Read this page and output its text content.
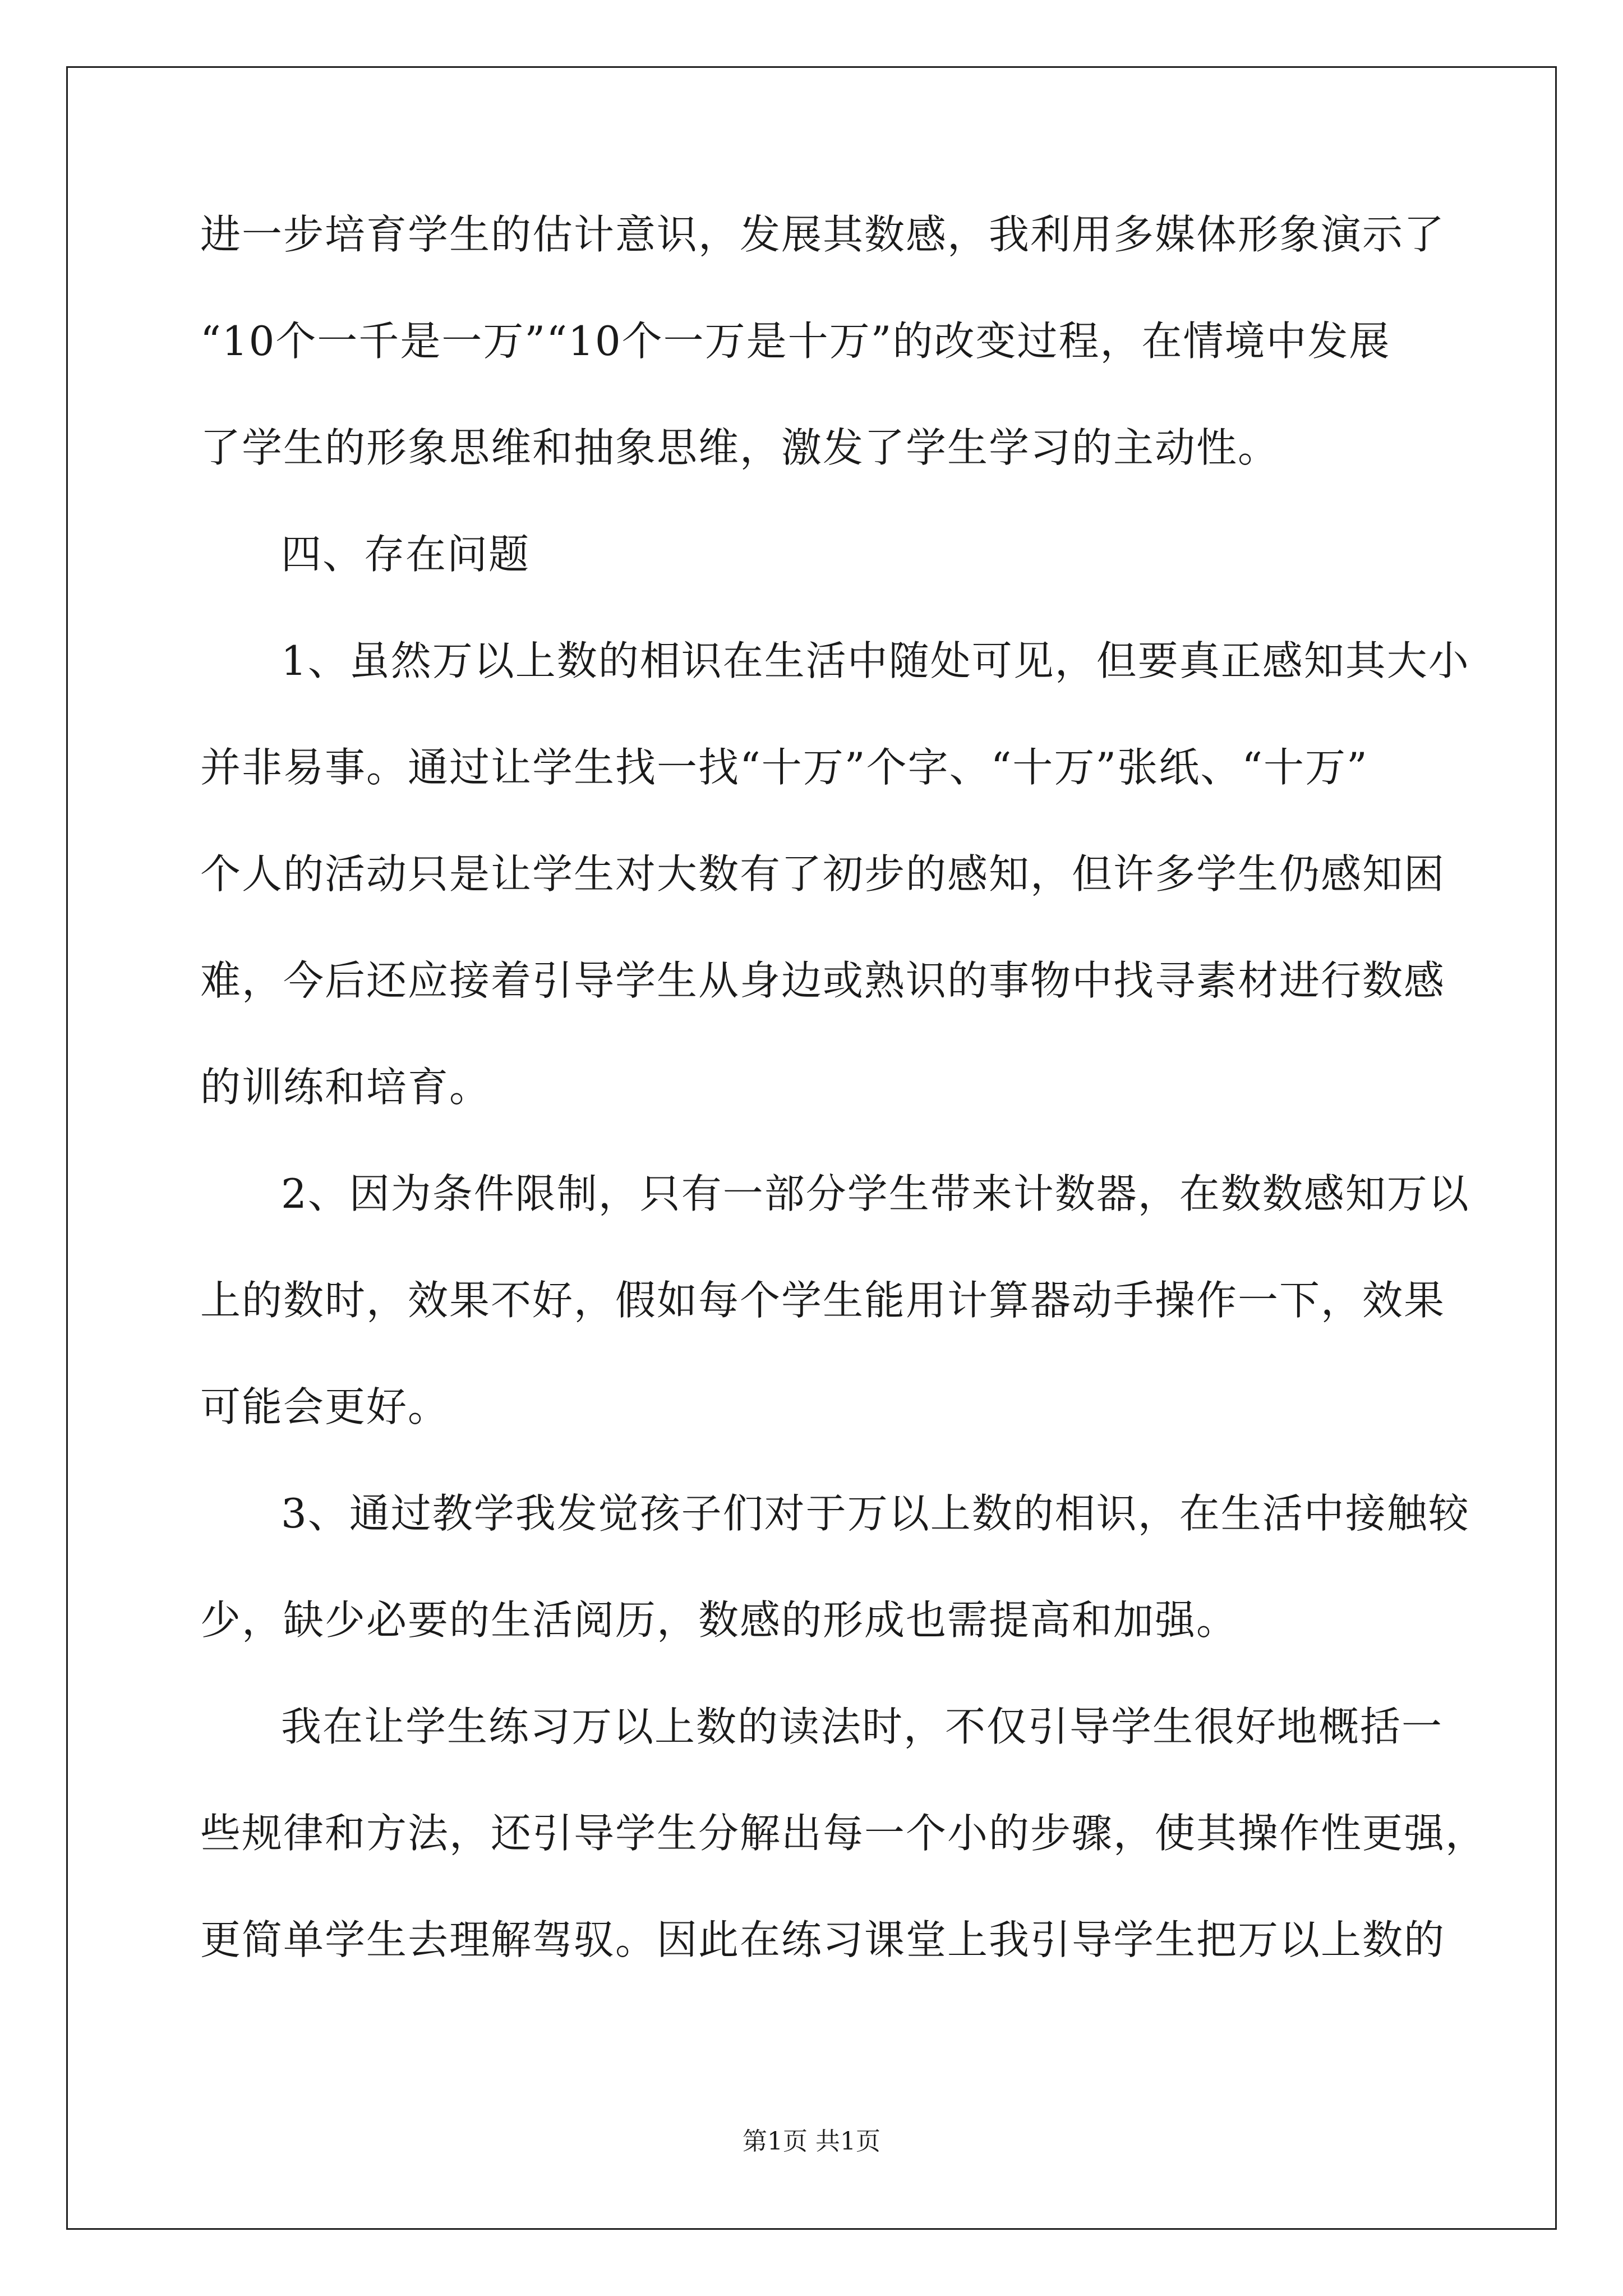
进一步培育学生的估计意识，发展其数感，我利用多媒体形象演示了
“10个一千是一万”“10个一万是十万”的改变过程，在情境中发展
了学生的形象思维和抽象思维，激发了学生学习的主动性。
四、存在问题
1、虽然万以上数的相识在生活中随处可见，但要真正感知其大小
并非易事。通过让学生找一找“十万”个字、“十万”张纸、“十万”
个人的活动只是让学生对大数有了初步的感知，但许多学生仍感知困
难，今后还应接着引导学生从身边或熟识的事物中找寻素材进行数感
的训练和培育。
2、因为条件限制，只有一部分学生带来计数器，在数数感知万以
上的数时，效果不好，假如每个学生能用计算器动手操作一下，效果
可能会更好。
3、通过教学我发觉孩子们对于万以上数的相识，在生活中接触较
少，缺少必要的生活阅历，数感的形成也需提高和加强。
我在让学生练习万以上数的读法时，不仅引导学生很好地概括一
些规律和方法，还引导学生分解出每一个小的步骤，使其操作性更强，
更简单学生去理解驾驭。因此在练习课堂上我引导学生把万以上数的
第1页 共1页
